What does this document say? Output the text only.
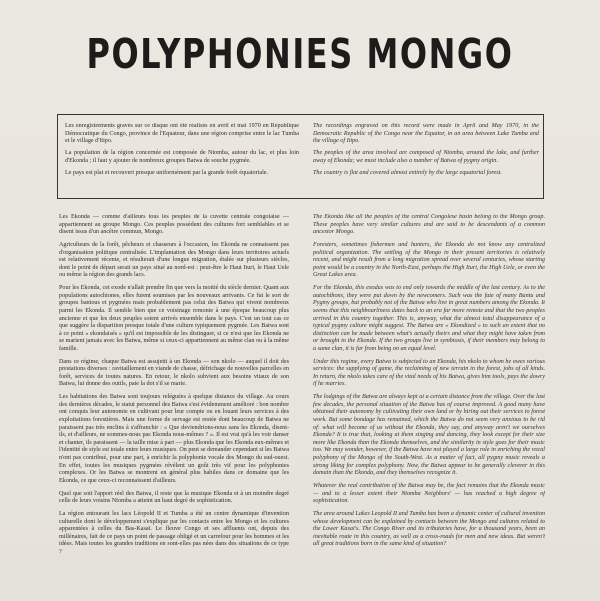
POLYPHONIES MONGO

Les enregistrements gravés sur ce disque ont été réalisés en avril et mai 1970 en République Démocratique du Congo, province de l'Equateur, dans une région comprise entre le lac Tumba et le village d'Itipo.

La population de la région concernée est composée de Ntomba, autour du lac, et plus loin d'Ekonda ; il faut y ajouter de nombreux groupes Batwa de souche pygmée.

Le pays est plat et recouvert presque uniformément par la grande forêt équatoriale.

The recordings engraved on this record were made in April and May 1970, in the Democratic Republic of the Congo near the Equator, in an area between Lake Tumba and the village of Itipo.

The peoples of the area involved are composed of Ntomba, around the lake, and further away of Ekonda; we must include also a number of Batwa of pygmy origin.

The country is flat and covered almost entirely by the large equatorial forest.

Les Ekonda — comme d'ailleurs tous les peuples de la cuvette centrale congolaise — appartiennent au groupe Mongo. Ces peuples possèdent des cultures fort semblables et se disent issus d'un ancêtre commun, Mongo.

Agriculteurs de la forêt, pêcheurs et chasseurs à l'occasion, les Ekonda ne connaissent pas d'organisation politique centralisée. L'implantation des Mongo dans leurs territoires actuels est relativement récente, et résulterait d'une longue migration, étalée sur plusieurs siècles, dont le point de départ serait un pays situé au nord-est : peut-être le Haut Ituri, le Haut Uele ou même la région des grands lacs.

Pour les Ekonda, cet exode n'allait prendre fin que vers la moitié du siècle dernier. Quant aux populations autochtones, elles furent soumises par les nouveaux arrivants. Ce fut le sort de groupes bantous et pygmées mais probablement pas celui des Batwa qui vivent nombreux parmi les Ekonda. Il semble bien que ce voisinage remonte à une époque beaucoup plus ancienne et que les deux peuples soient arrivés ensemble dans le pays. C'est un tout cas ce que suggère la disparition presque totale d'une culture typiquement pygmée. Les Batwa sont à ce point « ekondaisés » qu'il est impossible de les distinguer, si ce n'est que les Ekonda ne se marient jamais avec les Batwa, même si ceux-ci appartiennent au même clan ou à la même famille.

Dans ce régime, chaque Batwa est assujetti à un Ekonda — son nkolo — auquel il doit des prestations diverses : ravitaillement en viande de chasse, défrichage de nouvelles parcelles en forêt, services de toutes natures. En retour, le nkolo subvient aux besoins vitaux de son Batwa, lui donne des outils, paie la dot s'il se marie.

Les habitations des Batwa sont toujours reléguées à quelque distance du village. Au cours des dernières décades, le statut personnel des Batwa s'est évidemment amélioré : bon nombre ont conquis leur autonomie en cultivant pour leur compte ou en louant leurs services à des exploitations forestières. Mais une forme de servage est restée dont beaucoup de Batwa ne paraissent pas très enclins à s'affranchir : « Que deviendrions-nous sans les Ekonda, disent-ils, et d'ailleurs, ne sommes-nous pas Ekonda nous-mêmes ? ». Il est vrai qu'à les voir danser et chanter, ils paraissent — la taille mise à part — plus Ekonda que les Ekonda eux-mêmes et l'identité de style est totale entre leurs musiques. On peut se demander cependant si les Batwa n'ont pas contribué, pour une part, à enrichir la polyphonie vocale des Mongo du sud-ouest. En effet, toutes les musiques pygmées révèlent un goût très vif pour les polyphonies complexes. Or les Batwa se montrent en général plus habiles dans ce domaine que les Ekonda, ce que ceux-ci reconnaissent d'ailleurs.

Quel que soit l'apport réel des Batwa, il reste que la musique Ekonda et à un moindre degré celle de leurs voisins Ntomba a atteint un haut degré de sophistication.

La région entourant les lacs Léopold II et Tumba a été un centre dynamique d'invention culturelle dont le développement s'explique par les contacts entre les Mongo et les cultures apparentées à celles du Bas-Kasaï. Le fleuve Congo et ses affluents ont, depuis des millénaires, fait de ce pays un point de passage obligé et un carrefour pour les hommes et les idées. Mais toutes les grandes traditions en sont-elles pas nées dans des situations de ce type ?

The Ekonda like all the peoples of the central Congolese basin belong to the Mongo group. These peoples have very similar cultures and are said to be descendants of a common ancestor Mongo.

Foresters, sometimes fishermen and hunters, the Ekonda do not know any centralized political organization. The settling of the Mongo in their present territories is relatively recent, and might result from a long migration spread over several centuries, whose starting point would be a country in the North-East, perhaps the High Ituri, the High Uele, or even the Great Lakes area.

For the Ekonda, this exodus was to end only towards the middle of the last century. As to the autochthons, they were put down by the newcomers. Such was the fate of many Bantu and Pygmy groups, but probably not of the Batwa who live in great numbers among the Ekonda. It seems that this neighbourliness dates back to an era far more remote and that the two peoples arrived in this country together. This is, anyway, what the almost total disappearance of a typical pygmy culture might suggest. The Batwa are « Ekondized » to such an extent that no distinction can be made between what's actually theirs and what they might have taken from or brought to the Ekonda. If the two groups live in symbiosis, if their members may belong to a same clan, it is far from being on an equal level.

Under this regime, every Batwa is subjected to an Ekonda, his nkolo to whom he owes various services: the supplying of game, the reclaiming of new terrain in the forest, jobs of all kinds. In return, the nkolo takes care of the vital needs of his Batwa, gives him tools, pays the dowry if he marries.

The lodgings of the Batwa are always kept at a certain distance from the village. Over the last few decades, the personal situation of the Batwa has of course improved. A good many have obtained their autonomy by cultivating their own land or by hiring out their services to forest work. But some bondage has remained, which the Batwa do not seem very anxious to be rid of: what will become of us without the Ekonda, they say, and anyway aren't we ourselves Ekonda? It is true that, looking at them singing and dancing, they look except for their size more like Ekonda than the Ekonda themselves, and the similarity in style goes for their music too. We may wonder, however, if the Batwa have not played a large role in enriching the vocal polyphony of the Mongo of the South-West. As a matter of fact, all pygmy music reveals a strong liking for complex polyphony. Now, the Batwa appear to be generally cleverer in this domain than the Ekonda, and they themselves recognize it.

Whatever the real contribution of the Batwa may be, the fact remains that the Ekonda music — and to a lesser extent their Ntomba Neighbors' — has reached a high degree of sophistication.

The area around Lakes Leopold II and Tumba has been a dynamic center of cultural invention whose development can be explained by contacts between the Mongo and cultures related to the Lower Kasai's. The Congo River and its tributaries have, for a thousand years, been an inevitable route in this country, as well as a cross-roads for men and new ideas. But weren't all great traditions born in the same kind of situation?
